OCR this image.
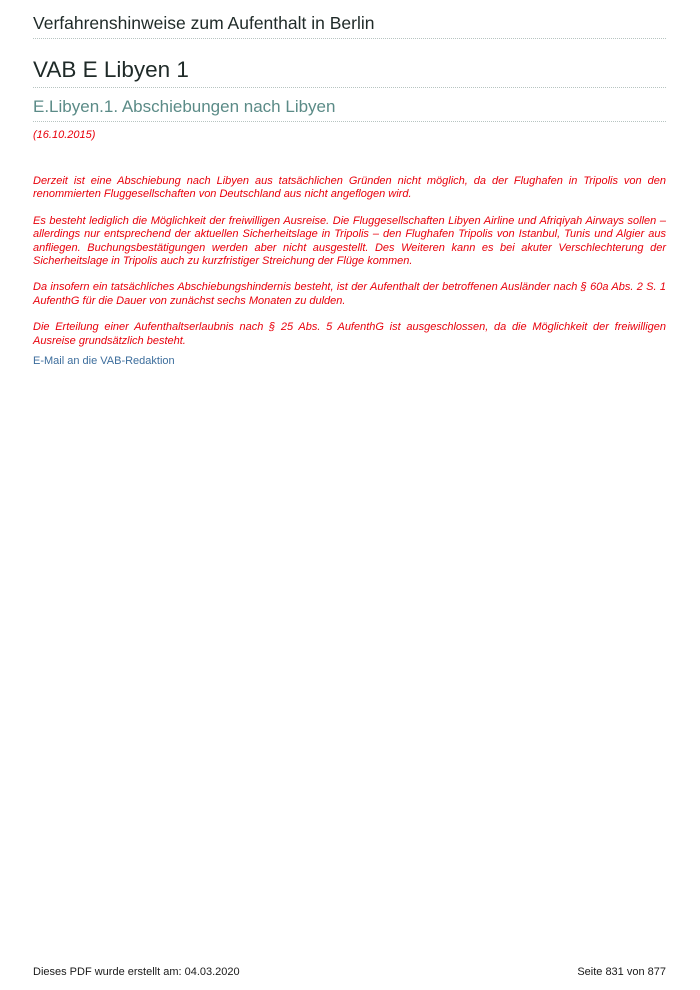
Verfahrenshinweise zum Aufenthalt in Berlin
VAB E Libyen 1
E.Libyen.1. Abschiebungen nach Libyen
(16.10.2015)

Derzeit ist eine Abschiebung nach Libyen aus tatsächlichen Gründen nicht möglich, da der Flughafen in Tripolis von den renommierten Fluggesellschaften von Deutschland aus nicht angeflogen wird.

Es besteht lediglich die Möglichkeit der freiwilligen Ausreise. Die Fluggesellschaften Libyen Airline und Afriqiyah Airways sollen – allerdings nur entsprechend der aktuellen Sicherheitslage in Tripolis – den Flughafen Tripolis von Istanbul, Tunis und Algier aus anfliegen. Buchungsbestätigungen werden aber nicht ausgestellt. Des Weiteren kann es bei akuter Verschlechterung der Sicherheitslage in Tripolis auch zu kurzfristiger Streichung der Flüge kommen.

Da insofern ein tatsächliches Abschiebungshindernis besteht, ist der Aufenthalt der betroffenen Ausländer nach § 60a Abs. 2 S. 1 AufenthG für die Dauer von zunächst sechs Monaten zu dulden.

Die Erteilung einer Aufenthaltserlaubnis nach § 25 Abs. 5 AufenthG ist ausgeschlossen, da die Möglichkeit der freiwilligen Ausreise grundsätzlich besteht.

E-Mail an die VAB-Redaktion
Dieses PDF wurde erstellt am: 04.03.2020	Seite 831 von 877
